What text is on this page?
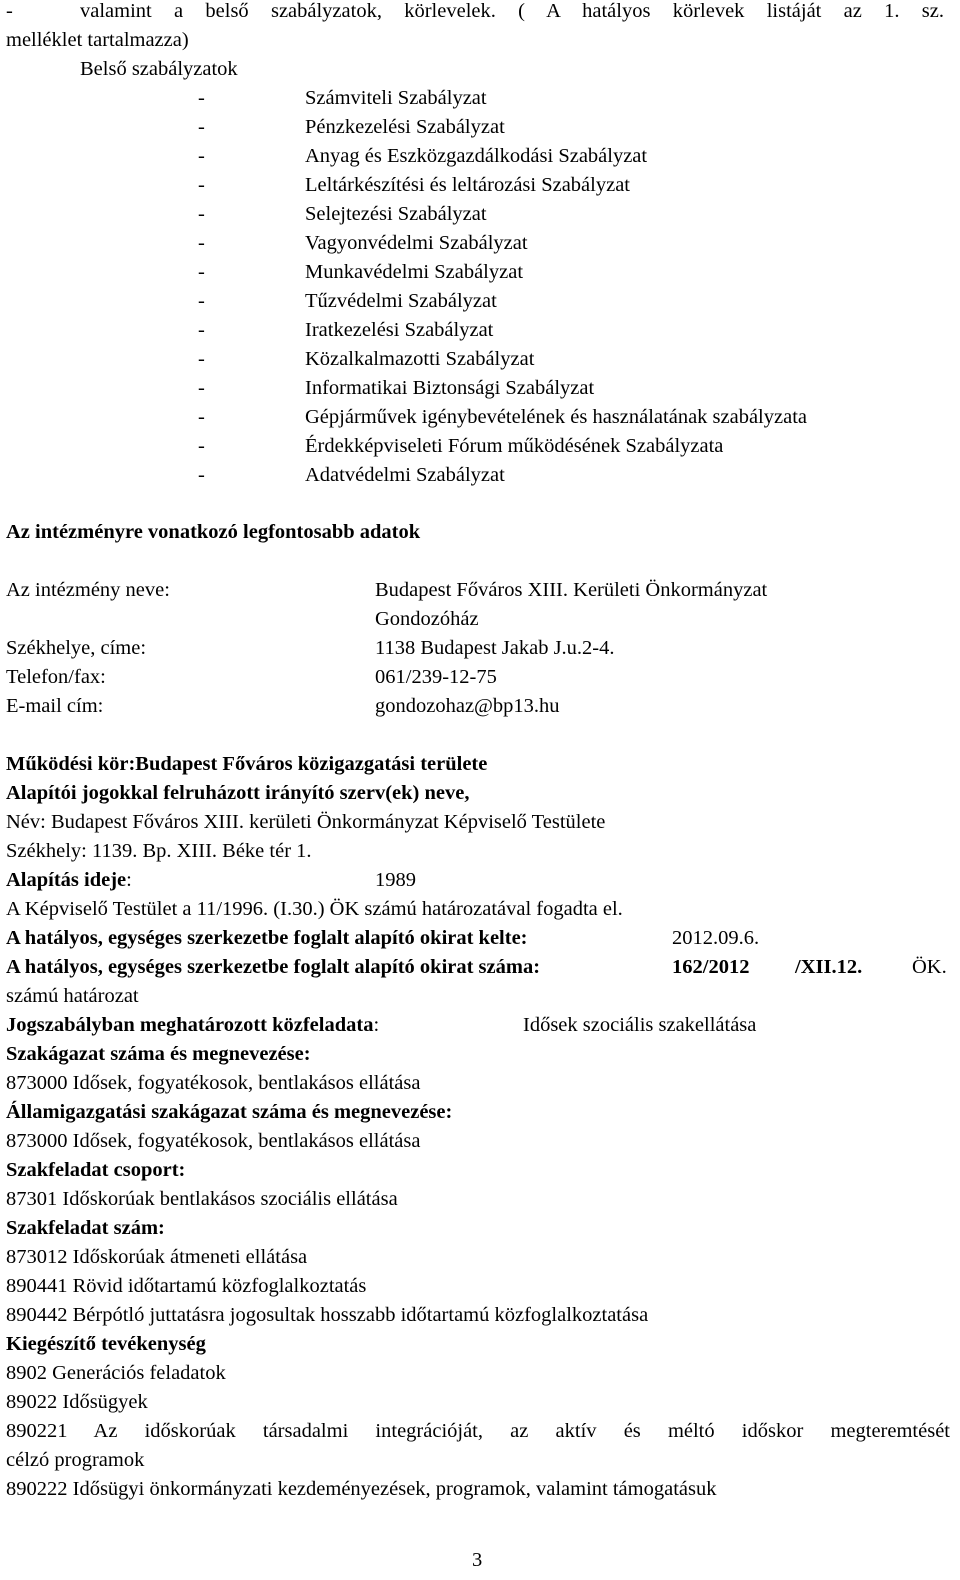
-	valamint a belső szabályzatok, körlevelek. ( A hatályos körlevek listáját az 1. sz.
melléklet tartalmazza)
Belső szabályzatok
-	Számviteli Szabályzat
-	Pénzkezelési Szabályzat
-	Anyag és Eszközgazdálkodási Szabályzat
-	Leltárkészítési és leltározási Szabályzat
-	Selejtezési Szabályzat
-	Vagyonvédelmi Szabályzat
-	Munkavédelmi Szabályzat
-	Tűzvédelmi Szabályzat
-	Iratkezelési Szabályzat
-	Közalkalmazotti Szabályzat
-	Informatikai Biztonsági Szabályzat
-	Gépjárművek igénybevételének és használatának szabályzata
-	Érdekképviseleti Fórum működésének Szabályzata
-	Adatvédelmi Szabályzat
Az intézményre vonatkozó legfontosabb adatok
Az intézmény neve:	Budapest Főváros XIII. Kerületi Önkormányzat
Gondozóház
Székhelye, címe:	1138 Budapest Jakab J.u.2-4.
Telefon/fax:	061/239-12-75
E-mail cím:	gondozohaz@bp13.hu
Működési kör:Budapest Főváros közigazgatási területe
Alapítói jogokkal felruházott irányító szerv(ek) neve,
Név: Budapest Főváros XIII. kerületi Önkormányzat Képviselő Testülete
Székhely: 1139. Bp. XIII. Béke tér 1.
Alapítás ideje:	1989
A Képviselő Testület a 11/1996. (I.30.) ÖK számú határozatával fogadta el.
A hatályos, egységes szerkezetbe foglalt alapító okirat kelte:	2012.09.6.
A hatályos, egységes szerkezetbe foglalt alapító okirat száma:	162/2012 /XII.12. ÖK.
számú határozat
Jogszabályban meghatározott közfeladata:	Idősek szociális szakellátása
Szakágazat száma és megnevezése:
873000 Idősek, fogyatékosok, bentlakásos ellátása
Államigazgatási szakágazat száma és megnevezése:
873000 Idősek, fogyatékosok, bentlakásos ellátása
Szakfeladat csoport:
87301 Időskorúak bentlakásos szociális ellátása
Szakfeladat szám:
873012 Időskorúak átmeneti ellátása
890441 Rövid időtartamú közfoglalkoztatás
890442 Bérpótló juttatásra jogosultak hosszabb időtartamú közfoglalkoztatása
Kiegészítő tevékenység
8902 Generációs feladatok
89022 Idősügyek
890221 Az időskorúak társadalmi integrációját, az aktív és méltó időskor megteremtését
célzó programok
890222 Idősügyi önkormányzati kezdeményezések, programok, valamint támogatásuk
3
